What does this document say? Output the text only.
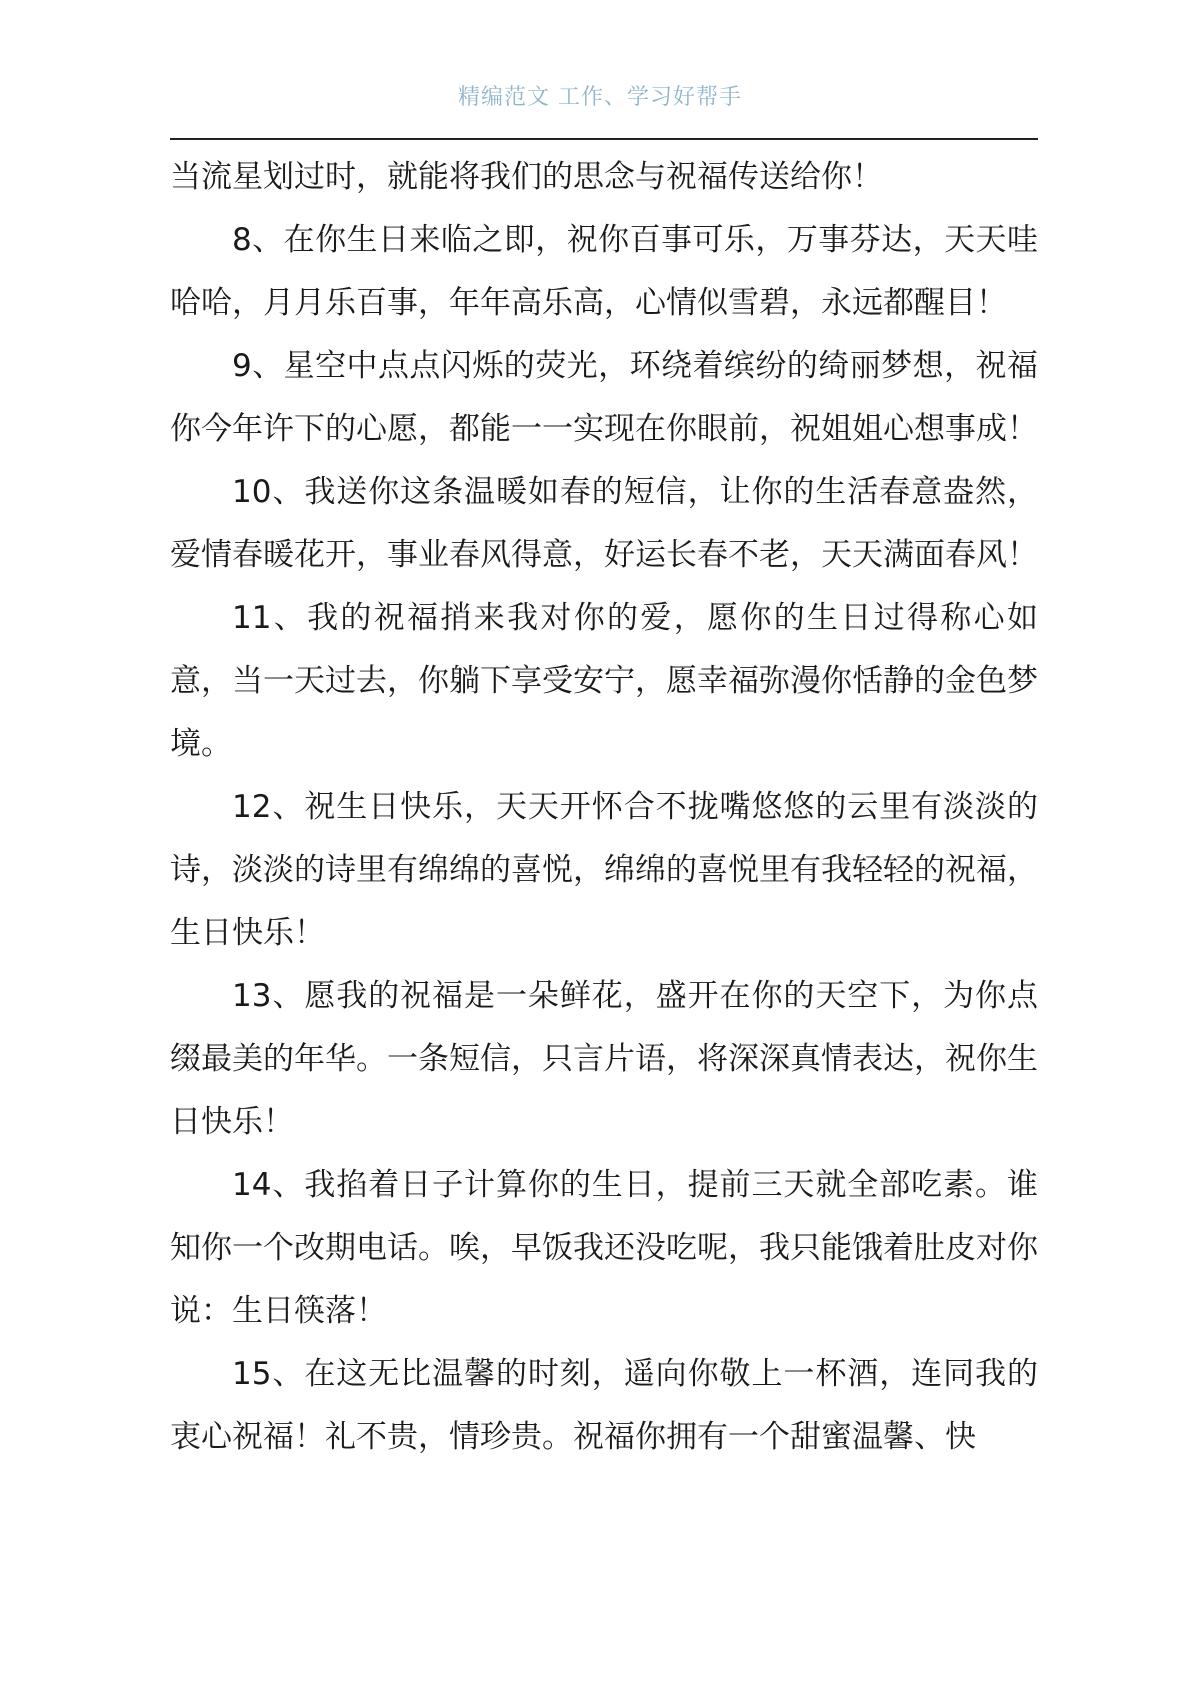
精编范文 工作、学习好帮手

当流星划过时，就能将我们的思念与祝福传送给你！

8、在你生日来临之即，祝你百事可乐，万事芬达，天天哇哈哈，月月乐百事，年年高乐高，心情似雪碧，永远都醒目！

9、星空中点点闪烁的荧光，环绕着缤纷的绮丽梦想，祝福你今年许下的心愿，都能一一实现在你眼前，祝姐姐心想事成！

10、我送你这条温暖如春的短信，让你的生活春意盎然，爱情春暖花开，事业春风得意，好运长春不老，天天满面春风！

11、我的祝福捎来我对你的爱，愿你的生日过得称心如意，当一天过去，你躺下享受安宁，愿幸福弥漫你恬静的金色梦境。

12、祝生日快乐，天天开怀合不拢嘴悠悠的云里有淡淡的诗，淡淡的诗里有绵绵的喜悦，绵绵的喜悦里有我轻轻的祝福，生日快乐！

13、愿我的祝福是一朵鲜花，盛开在你的天空下，为你点缀最美的年华。一条短信，只言片语，将深深真情表达，祝你生日快乐！

14、我掐着日子计算你的生日，提前三天就全部吃素。谁知你一个改期电话。唉，早饭我还没吃呢，我只能饿着肚皮对你说：生日筷落！

15、在这无比温馨的时刻，遥向你敬上一杯酒，连同我的衷心祝福！礼不贵，情珍贵。祝福你拥有一个甜蜜温馨、快
